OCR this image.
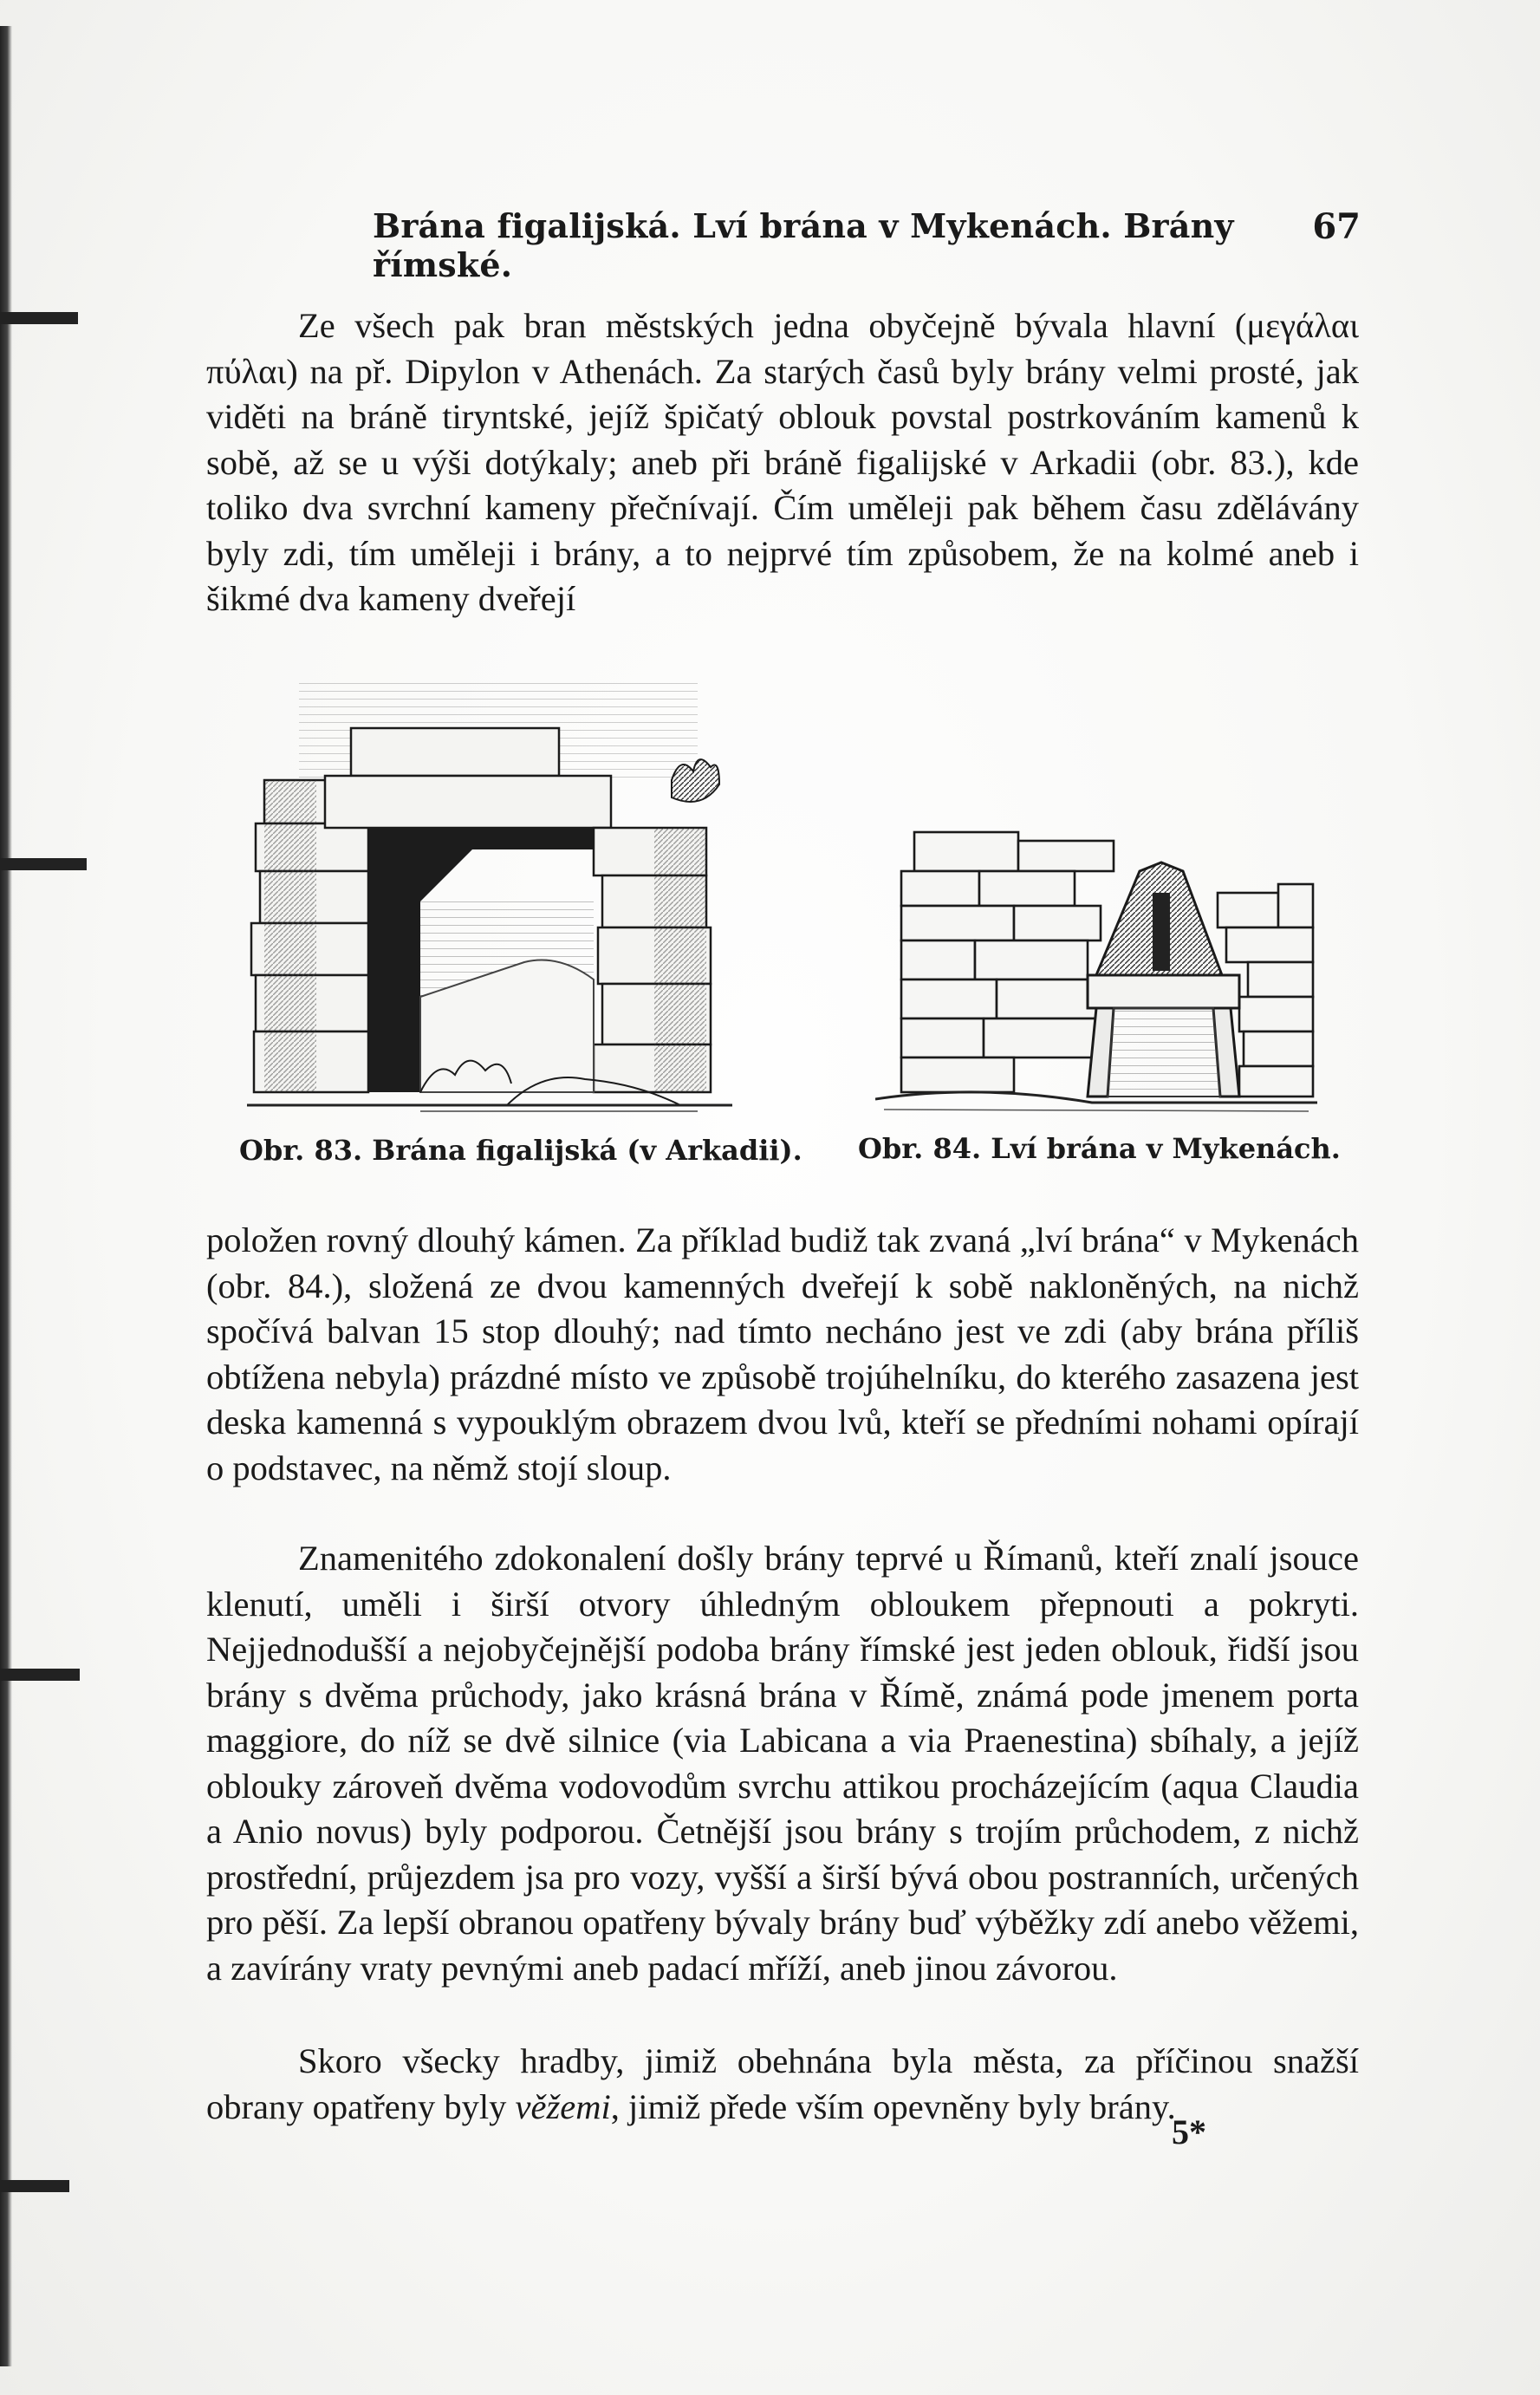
Brána figalijská. Lví brána v Mykenách. Brány římské.
67

Ze všech pak bran městských jedna obyčejně bývala hlavní (μεγάλαι πύλαι) na př. Dipylon v Athenách. Za starých časů byly brány velmi prosté, jak viděti na bráně tiryntské, jejíž špičatý oblouk povstal postrkováním kamenů k sobě, až se u výši dotýkaly; aneb při bráně figalijské v Arkadii (obr. 83.), kde toliko dva svrchní kameny přečnívají. Čím uměleji pak během času zdělávány byly zdi, tím uměleji i brány, a to nejprvé tím způsobem, že na kolmé aneb i šikmé dva kameny dveřejí

Obr. 83. Brána figalijská (v Arkadii). Obr. 84. Lví brána v Mykenách.

položen rovný dlouhý kámen. Za příklad budiž tak zvaná „lví brána“ v Mykenách (obr. 84.), složená ze dvou kamenných dveřejí k sobě nakloněných, na nichž spočívá balvan 15 stop dlouhý; nad tímto necháno jest ve zdi (aby brána příliš obtížena nebyla) prázdné místo ve způsobě trojúhelníku, do kterého zasazena jest deska kamenná s vypouklým obrazem dvou lvů, kteří se předními nohami opírají o podstavec, na němž stojí sloup.

Znamenitého zdokonalení došly brány teprvé u Římanů, kteří znalí jsouce klenutí, uměli i širší otvory úhledným obloukem přepnouti a pokryti. Nejjednodušší a nejobyčejnější podoba brány římské jest jeden oblouk, řidší jsou brány s dvěma průchody, jako krásná brána v Římě, známá pode jmenem porta maggiore, do níž se dvě silnice (via Labicana a via Praenestina) sbíhaly, a jejíž oblouky zároveň dvěma vodovodům svrchu attikou procházejícím (aqua Claudia a Anio novus) byly podporou. Četnější jsou brány s trojím průchodem, z nichž prostřední, průjezdem jsa pro vozy, vyšší a širší bývá obou postranních, určených pro pěší. Za lepší obranou opatřeny bývaly brány buď výběžky zdí anebo věžemi, a zavírány vraty pevnými aneb padací mříží, aneb jinou závorou.

Skoro všecky hradby, jimiž obehnána byla města, za příčinou snažší obrany opatřeny byly věžemi, jimiž přede vším opevněny byly brány.

5*
